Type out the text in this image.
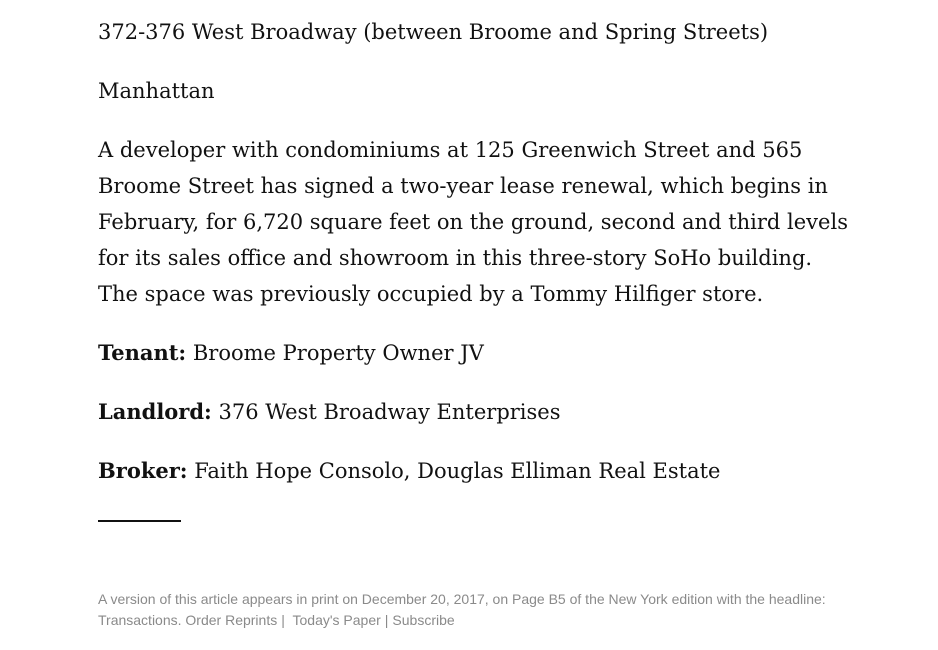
372-376 West Broadway (between Broome and Spring Streets)

Manhattan

A developer with condominiums at 125 Greenwich Street and 565 Broome Street has signed a two-year lease renewal, which begins in February, for 6,720 square feet on the ground, second and third levels for its sales office and showroom in this three-story SoHo building. The space was previously occupied by a Tommy Hilfiger store.

Tenant: Broome Property Owner JV

Landlord: 376 West Broadway Enterprises

Broker: Faith Hope Consolo, Douglas Elliman Real Estate

A version of this article appears in print on December 20, 2017, on Page B5 of the New York edition with the headline: Transactions. Order Reprints | Today's Paper | Subscribe
